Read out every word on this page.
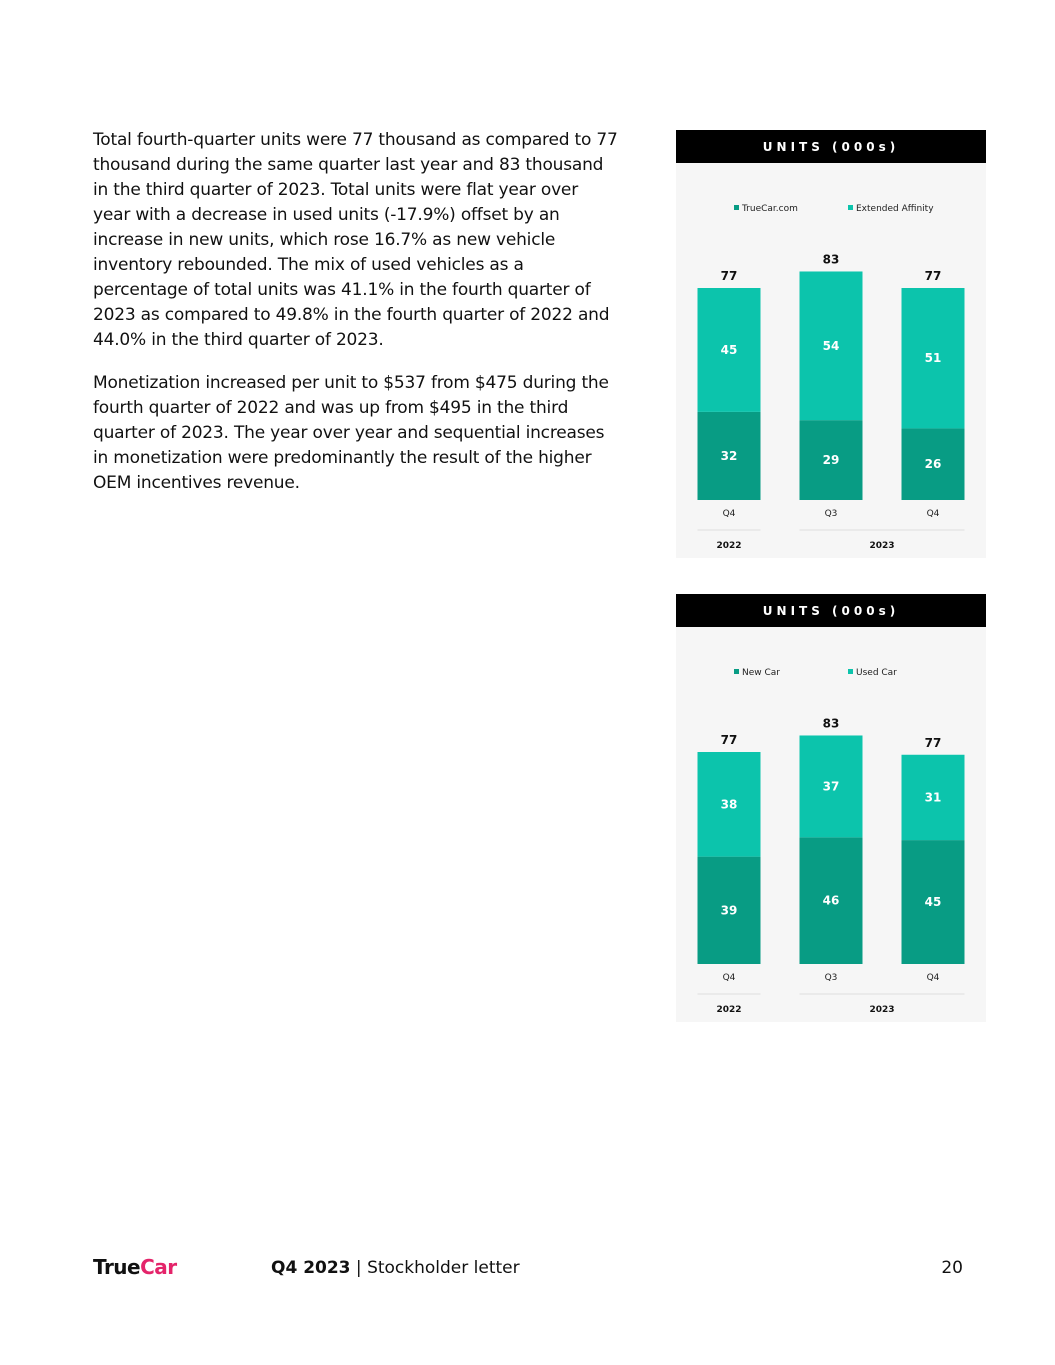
Total fourth-quarter units were 77 thousand as compared to 77 thousand during the same quarter last year and 83 thousand in the third quarter of 2023. Total units were flat year over year with a decrease in used units (-17.9%) offset by an increase in new units, which rose 16.7% as new vehicle inventory rebounded. The mix of used vehicles as a percentage of total units was 41.1% in the fourth quarter of 2023 as compared to 49.8% in the fourth quarter of 2022 and 44.0% in the third quarter of 2023.

Monetization increased per unit to $537 from $475 during the fourth quarter of 2022 and was up from $495 in the third quarter of 2023. The year over year and sequential increases in monetization were predominantly the result of the higher OEM incentives revenue.

UNITS (000s)
TrueCar.com	Extended Affinity
32
45
77
Q4
29
54
83
Q3
26
51
77
Q4
2022	2023
UNITS (000s)
New Car	Used Car
39
38
77
Q4
46
37
83
Q3
45
31
77
Q4
2022	2023
TrueCar	Q4 2023 | Stockholder letter	20
